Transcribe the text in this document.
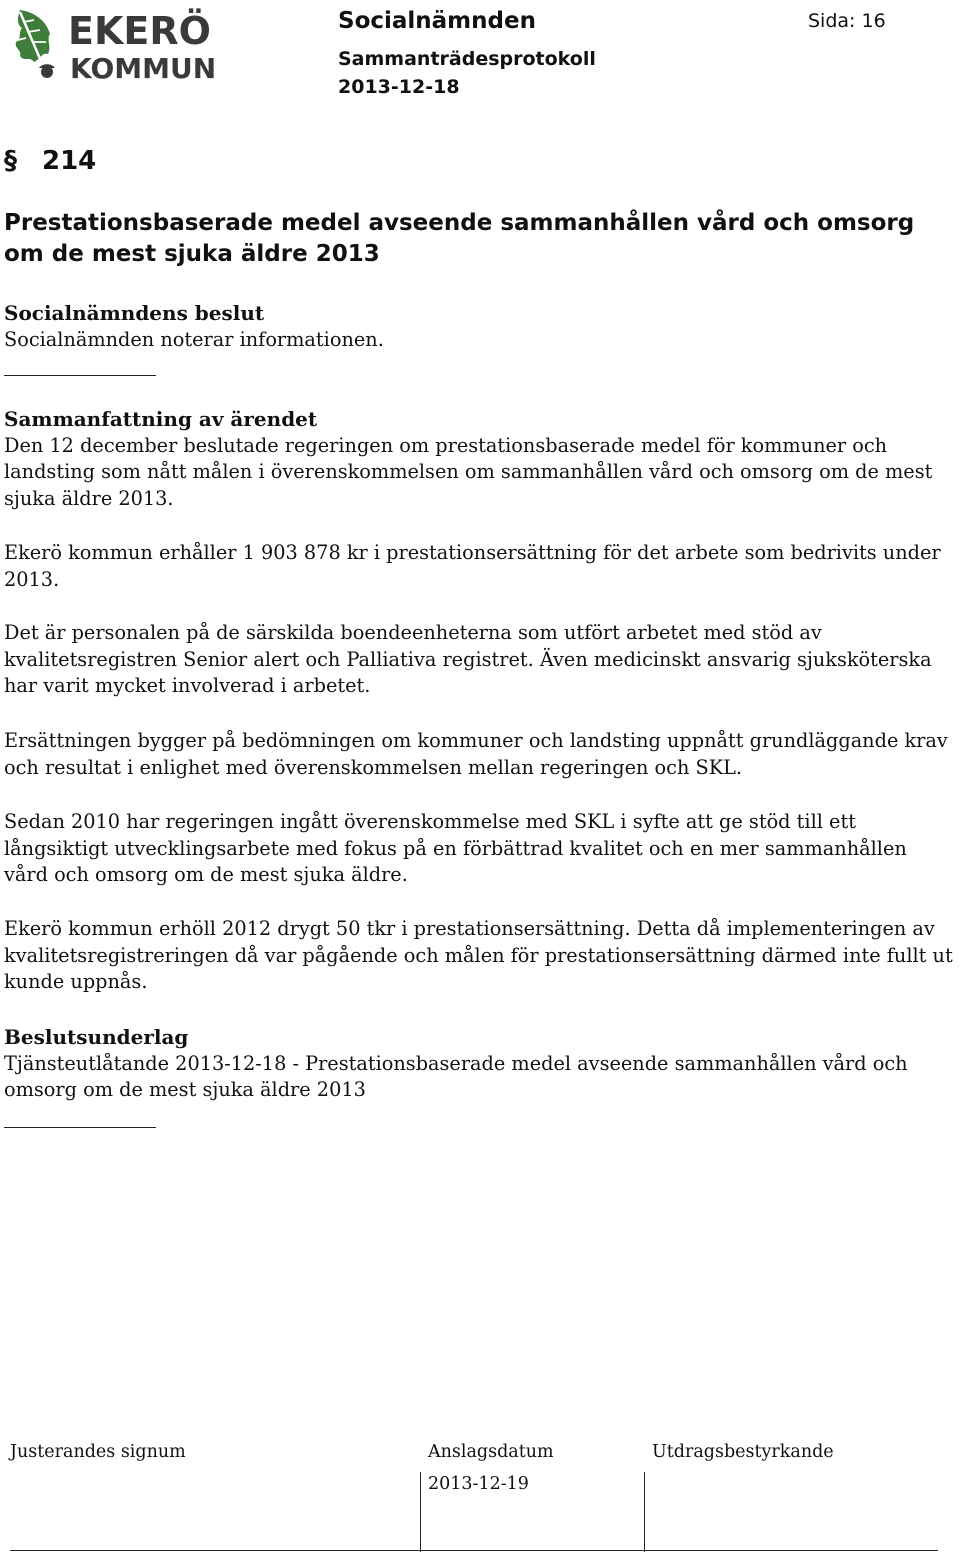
EKERÖ
KOMMUN
Socialnämnden
Sammanträdesprotokoll
2013-12-18
Sida: 16
§ 214
Prestationsbaserade medel avseende sammanhållen vård och omsorg om de mest sjuka äldre 2013
Socialnämndens beslut
Socialnämnden noterar informationen.
Sammanfattning av ärendet
Den 12 december beslutade regeringen om prestationsbaserade medel för kommuner och landsting som nått målen i överenskommelsen om sammanhållen vård och omsorg om de mest sjuka äldre 2013.
Ekerö kommun erhåller 1 903 878 kr i prestationsersättning för det arbete som bedrivits under 2013.
Det är personalen på de särskilda boendeenheterna som utfört arbetet med stöd av kvalitetsregistren Senior alert och Palliativa registret. Även medicinskt ansvarig sjuksköterska har varit mycket involverad i arbetet.
Ersättningen bygger på bedömningen om kommuner och landsting uppnått grundläggande krav och resultat i enlighet med överenskommelsen mellan regeringen och SKL.
Sedan 2010 har regeringen ingått överenskommelse med SKL i syfte att ge stöd till ett långsiktigt utvecklingsarbete med fokus på en förbättrad kvalitet och en mer sammanhållen vård och omsorg om de mest sjuka äldre.
Ekerö kommun erhöll 2012 drygt 50 tkr i prestationsersättning. Detta då implementeringen av kvalitetsregistreringen då var pågående och målen för prestationsersättning därmed inte fullt ut kunde uppnås.
Beslutsunderlag
Tjänsteutlåtande 2013-12-18 - Prestationsbaserade medel avseende sammanhållen vård och omsorg om de mest sjuka äldre 2013
Justerandes signum	Anslagsdatum	Utdragsbestyrkande
2013-12-19
